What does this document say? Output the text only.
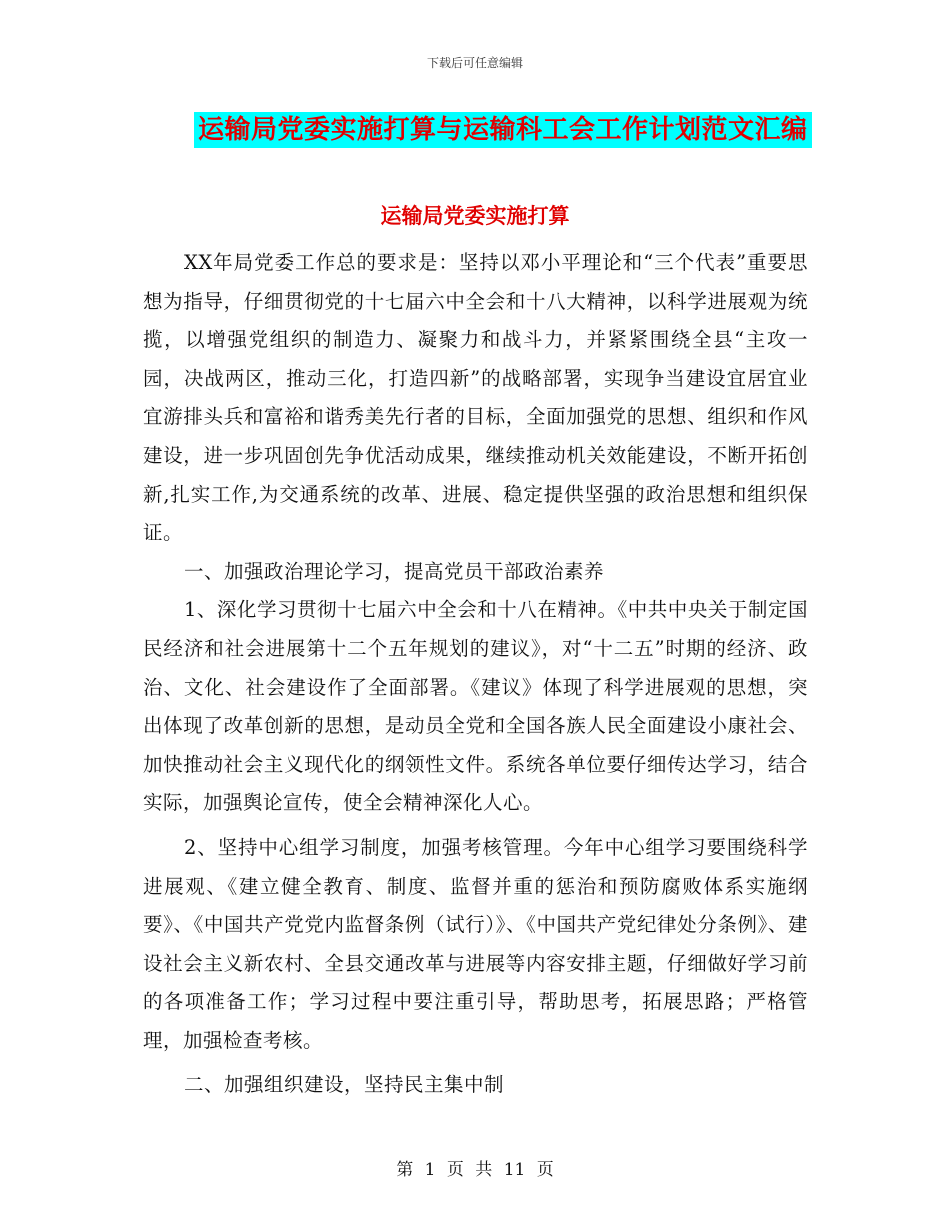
下载后可任意编辑
运输局党委实施打算与运输科工会工作计划范文汇编
运输局党委实施打算

XX年局党委工作总的要求是：坚持以邓小平理论和“三个代表”重要思想为指导，仔细贯彻党的十七届六中全会和十八大精神，以科学进展观为统揽，以增强党组织的制造力、凝聚力和战斗力，并紧紧围绕全县“主攻一园，决战两区，推动三化，打造四新”的战略部署，实现争当建设宜居宜业宜游排头兵和富裕和谐秀美先行者的目标，全面加强党的思想、组织和作风建设，进一步巩固创先争优活动成果，继续推动机关效能建设，不断开拓创新,扎实工作,为交通系统的改革、进展、稳定提供坚强的政治思想和组织保证。

一、加强政治理论学习，提高党员干部政治素养

1、深化学习贯彻十七届六中全会和十八在精神。《中共中央关于制定国民经济和社会进展第十二个五年规划的建议》，对“十二五”时期的经济、政治、文化、社会建设作了全面部署。《建议》体现了科学进展观的思想，突出体现了改革创新的思想，是动员全党和全国各族人民全面建设小康社会、加快推动社会主义现代化的纲领性文件。系统各单位要仔细传达学习，结合实际，加强舆论宣传，使全会精神深化人心。

2、坚持中心组学习制度，加强考核管理。今年中心组学习要围绕科学进展观、《建立健全教育、制度、监督并重的惩治和预防腐败体系实施纲要》、《中国共产党党内监督条例（试行）》、《中国共产党纪律处分条例》、建设社会主义新农村、全县交通改革与进展等内容安排主题，仔细做好学习前的各项准备工作；学习过程中要注重引导，帮助思考，拓展思路；严格管理，加强检查考核。

二、加强组织建设，坚持民主集中制

第 1 页 共 11 页
